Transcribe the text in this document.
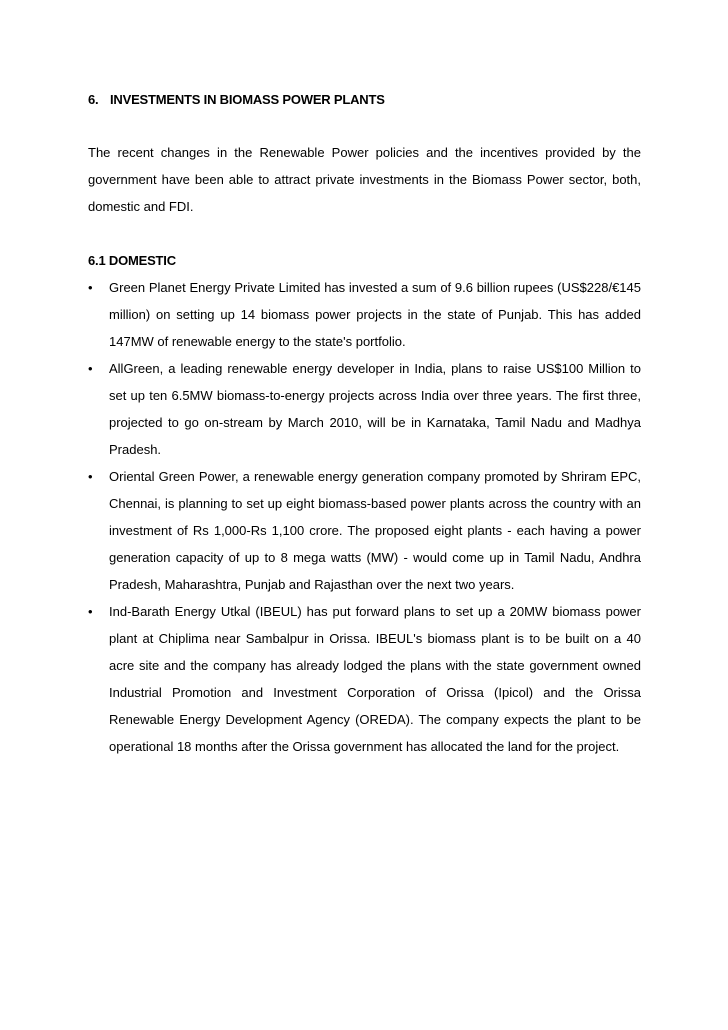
6. INVESTMENTS IN BIOMASS POWER PLANTS

The recent changes in the Renewable Power policies and the incentives provided by the government have been able to attract private investments in the Biomass Power sector, both, domestic and FDI.

6.1 DOMESTIC
•	Green Planet Energy Private Limited has invested a sum of 9.6 billion rupees (US$228/€145 million) on setting up 14 biomass power projects in the state of Punjab. This has added 147MW of renewable energy to the state's portfolio.
•	AllGreen, a leading renewable energy developer in India, plans to raise US$100 Million to set up ten 6.5MW biomass-to-energy projects across India over three years. The first three, projected to go on-stream by March 2010, will be in Karnataka, Tamil Nadu and Madhya Pradesh.
•	Oriental Green Power, a renewable energy generation company promoted by Shriram EPC, Chennai, is planning to set up eight biomass-based power plants across the country with an investment of Rs 1,000-Rs 1,100 crore. The proposed eight plants - each having a power generation capacity of up to 8 mega watts (MW) - would come up in Tamil Nadu, Andhra Pradesh, Maharashtra, Punjab and Rajasthan over the next two years.
•	Ind-Barath Energy Utkal (IBEUL) has put forward plans to set up a 20MW biomass power plant at Chiplima near Sambalpur in Orissa. IBEUL's biomass plant is to be built on a 40 acre site and the company has already lodged the plans with the state government owned Industrial Promotion and Investment Corporation of Orissa (Ipicol) and the Orissa Renewable Energy Development Agency (OREDA). The company expects the plant to be operational 18 months after the Orissa government has allocated the land for the project.
